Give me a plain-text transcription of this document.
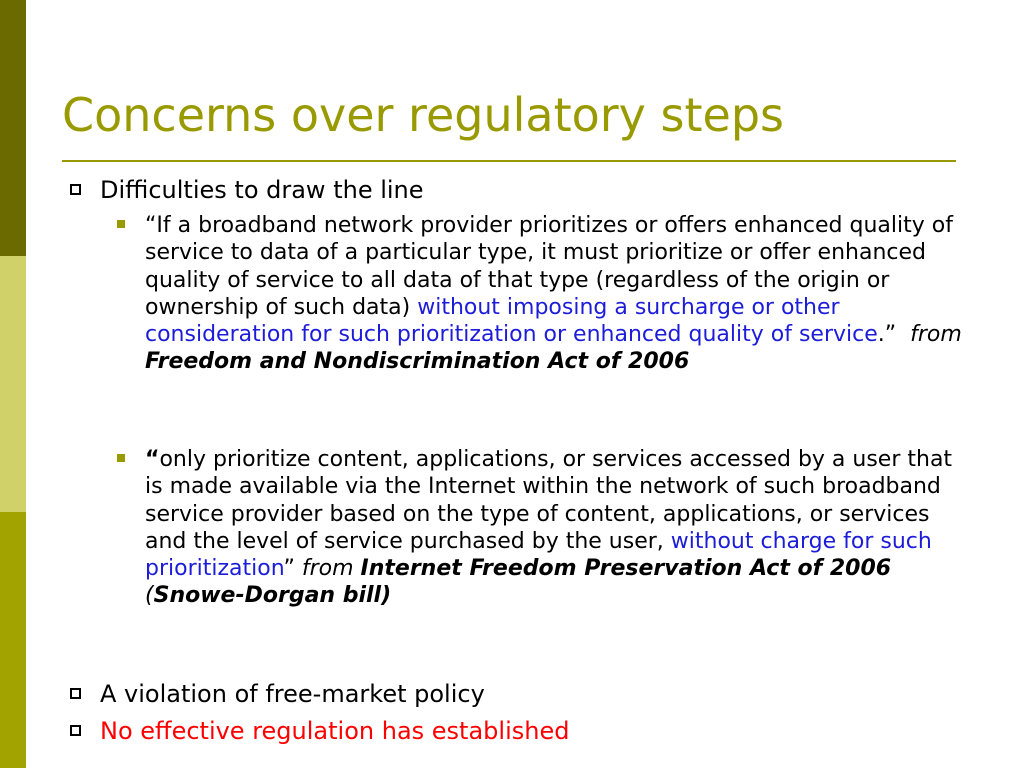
Concerns over regulatory steps
Difficulties to draw the line
“If a broadband network provider prioritizes or offers enhanced quality of service to data of a particular type, it must prioritize or offer enhanced quality of service to all data of that type (regardless of the origin or ownership of such data) without imposing a surcharge or other consideration for such prioritization or enhanced quality of service.” from Freedom and Nondiscrimination Act of 2006
“only prioritize content, applications, or services accessed by a user that is made available via the Internet within the network of such broadband service provider based on the type of content, applications, or services and the level of service purchased by the user, without charge for such prioritization” from Internet Freedom Preservation Act of 2006 (Snowe-Dorgan bill)
A violation of free-market policy
No effective regulation has established
